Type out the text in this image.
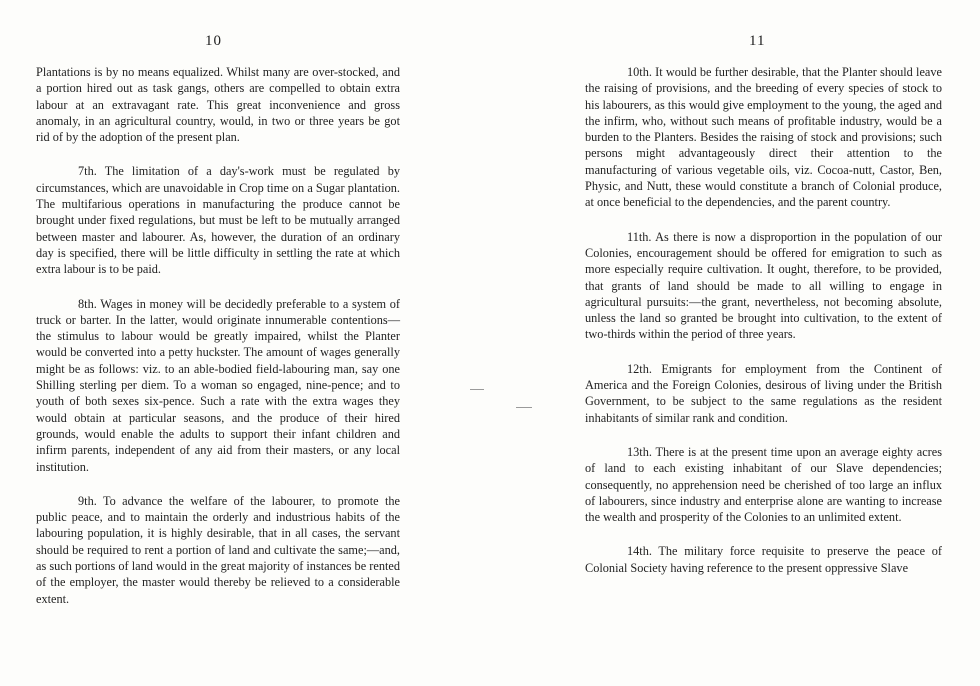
10

Plantations is by no means equalized. Whilst many are over-stocked, and a portion hired out as task gangs, others are compelled to obtain extra labour at an extravagant rate. This great inconvenience and gross anomaly, in an agricultural country, would, in two or three years be got rid of by the adoption of the present plan.

7th. The limitation of a day's-work must be regulated by circumstances, which are unavoidable in Crop time on a Sugar plantation. The multifarious operations in manufacturing the produce cannot be brought under fixed regulations, but must be left to be mutually arranged between master and labourer. As, however, the duration of an ordinary day is specified, there will be little difficulty in settling the rate at which extra labour is to be paid.

8th. Wages in money will be decidedly preferable to a system of truck or barter. In the latter, would originate innumerable contentions—the stimulus to labour would be greatly impaired, whilst the Planter would be converted into a petty huckster. The amount of wages generally might be as follows: viz. to an able-bodied field-labouring man, say one Shilling sterling per diem. To a woman so engaged, nine-pence; and to youth of both sexes six-pence. Such a rate with the extra wages they would obtain at particular seasons, and the produce of their hired grounds, would enable the adults to support their infant children and infirm parents, independent of any aid from their masters, or any local institution.

9th. To advance the welfare of the labourer, to promote the public peace, and to maintain the orderly and industrious habits of the labouring population, it is highly desirable, that in all cases, the servant should be required to rent a portion of land and cultivate the same;—and, as such portions of land would in the great majority of instances be rented of the employer, the master would thereby be relieved to a considerable extent.

11

10th. It would be further desirable, that the Planter should leave the raising of provisions, and the breeding of every species of stock to his labourers, as this would give employment to the young, the aged and the infirm, who, without such means of profitable industry, would be a burden to the Planters. Besides the raising of stock and provisions; such persons might advantageously direct their attention to the manufacturing of various vegetable oils, viz. Cocoa-nutt, Castor, Ben, Physic, and Nutt, these would constitute a branch of Colonial produce, at once beneficial to the dependencies, and the parent country.

11th. As there is now a disproportion in the population of our Colonies, encouragement should be offered for emigration to such as more especially require cultivation. It ought, therefore, to be provided, that grants of land should be made to all willing to engage in agricultural pursuits:—the grant, nevertheless, not becoming absolute, unless the land so granted be brought into cultivation, to the extent of two-thirds within the period of three years.

12th. Emigrants for employment from the Continent of America and the Foreign Colonies, desirous of living under the British Government, to be subject to the same regulations as the resident inhabitants of similar rank and condition.

13th. There is at the present time upon an average eighty acres of land to each existing inhabitant of our Slave dependencies; consequently, no apprehension need be cherished of too large an influx of labourers, since industry and enterprise alone are wanting to increase the wealth and prosperity of the Colonies to an unlimited extent.

14th. The military force requisite to preserve the peace of Colonial Society having reference to the present oppressive Slave
